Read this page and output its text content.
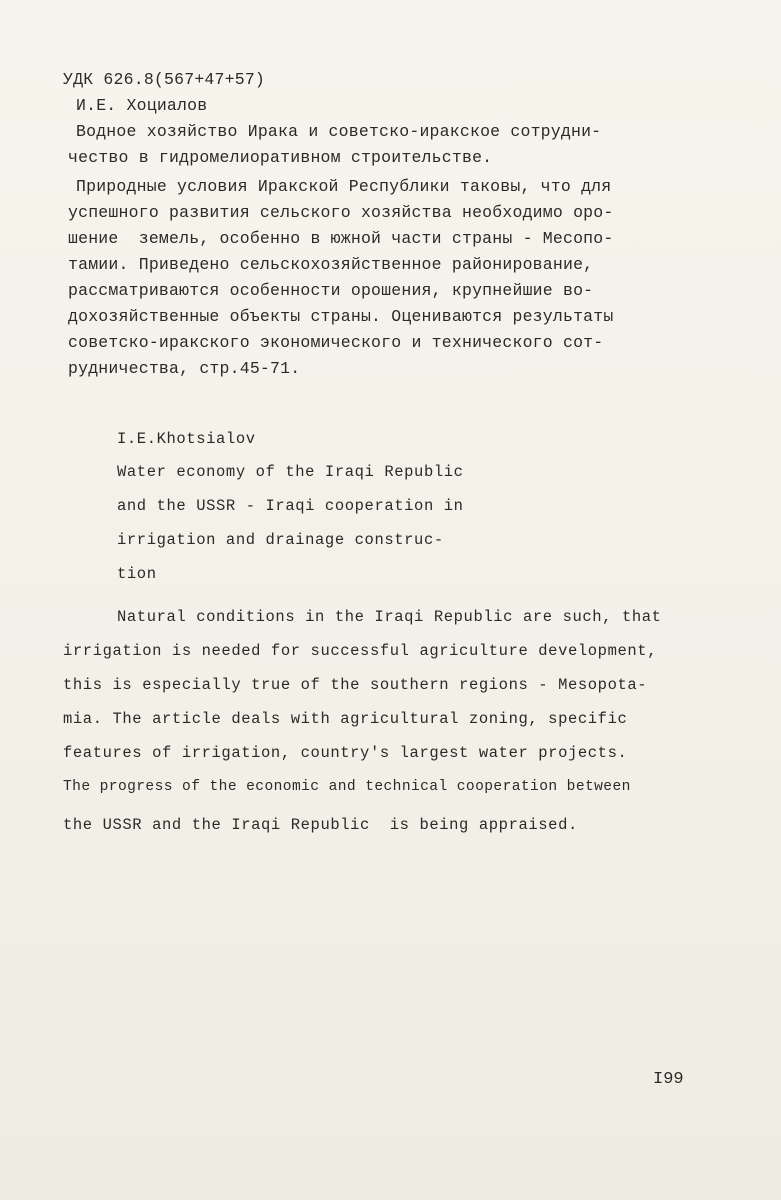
УДК 626.8(567+47+57)
И.Е. Хоциалов
Водное хозяйство Ирака и советско-иракское сотрудни-
чество в гидромелиоративном строительстве.
Природные условия Иракской Республики таковы, что для
успешного развития сельского хозяйства необходимо оро-
шение  земель, особенно в южной части страны - Месопо-
тамии. Приведено сельскохозяйственное районирование,
рассматриваются особенности орошения, крупнейшие во-
дохозяйственные объекты страны. Оцениваются результаты
советско-иракского экономического и технического сот-
рудничества, стр.45-71.
I.E.Khotsialov
Water economy of the Iraqi Republic
and the USSR - Iraqi cooperation in
irrigation and drainage construc-
tion
Natural conditions in the Iraqi Republic are such, that
irrigation is needed for successful agriculture development,
this is especially true of the southern regions - Mesopota-
mia. The article deals with agricultural zoning, specific
features of irrigation, country's largest water projects.
The progress of the economic and technical cooperation between
the USSR and the Iraqi Republic  is being appraised.
I99
